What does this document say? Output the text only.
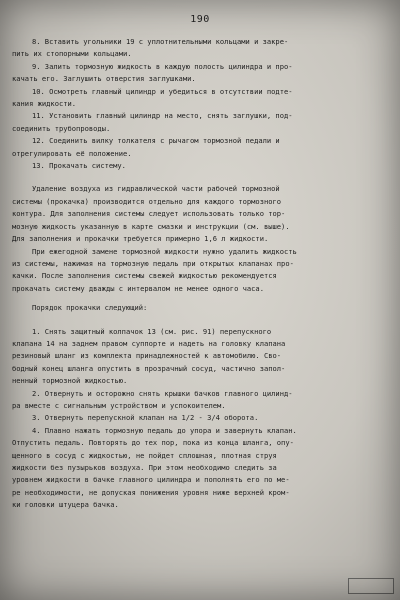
190
8. Вставить угольники 19 с уплотнительными кольцами и закре-
пить их стопорными кольцами.
9. Залить тормозную жидкость в каждую полость цилиндра и про-
качать его. Заглушить отверстия заглушками.
10. Осмотреть главный цилиндр и убедиться в отсутствии подте-
кания жидкости.
11. Установить главный цилиндр на место, снять заглушки, под-
соединить трубопроводы.
12. Соединить вилку толкателя с рычагом тормозной педали и
отрегулировать её положение.
13. Прокачать систему.
Удаление воздуха из гидравлической части рабочей тормозной
системы (прокачка) производится отдельно для каждого тормозного
контура. Для заполнения системы следует использовать только тор-
мозную жидкость указанную в карте смазки и инструкции (см. выше).
Для заполнения и прокачки требуется примерно 1,6 л жидкости.
При ежегодной замене тормозной жидкости нужно удалить жидкость
из системы, нажимая на тормозную педаль при открытых клапанах про-
качки. После заполнения системы свежей жидкостью рекомендуется
прокачать систему дважды с интервалом не менее одного часа.
Порядок прокачки следующий:
1. Снять защитный колпачок 13 (см. рис. 91) перепускного
клапана 14 на заднем правом суппорте и надеть на головку клапана
резиновый шланг из комплекта принадлежностей к автомобилю. Сво-
бодный конец шланга опустить в прозрачный сосуд, частично запол-
ненный тормозной жидкостью.
2. Отвернуть и осторожно снять крышки бачков главного цилинд-
ра вместе с сигнальным устройством и успокоителем.
3. Отвернуть перепускной клапан на 1/2 - 3/4 оборота.
4. Плавно нажать тормозную педаль до упора и завернуть клапан.
Отпустить педаль. Повторять до тех пор, пока из конца шланга, опу-
щенного в сосуд с жидкостью, не пойдет сплошная, плотная струя
жидкости без пузырьков воздуха. При этом необходимо следить за
уровнем жидкости в бачке главного цилиндра и пополнять его по ме-
ре необходимости, не допуская понижения уровня ниже верхней кром-
ки головки штуцера бачка.
